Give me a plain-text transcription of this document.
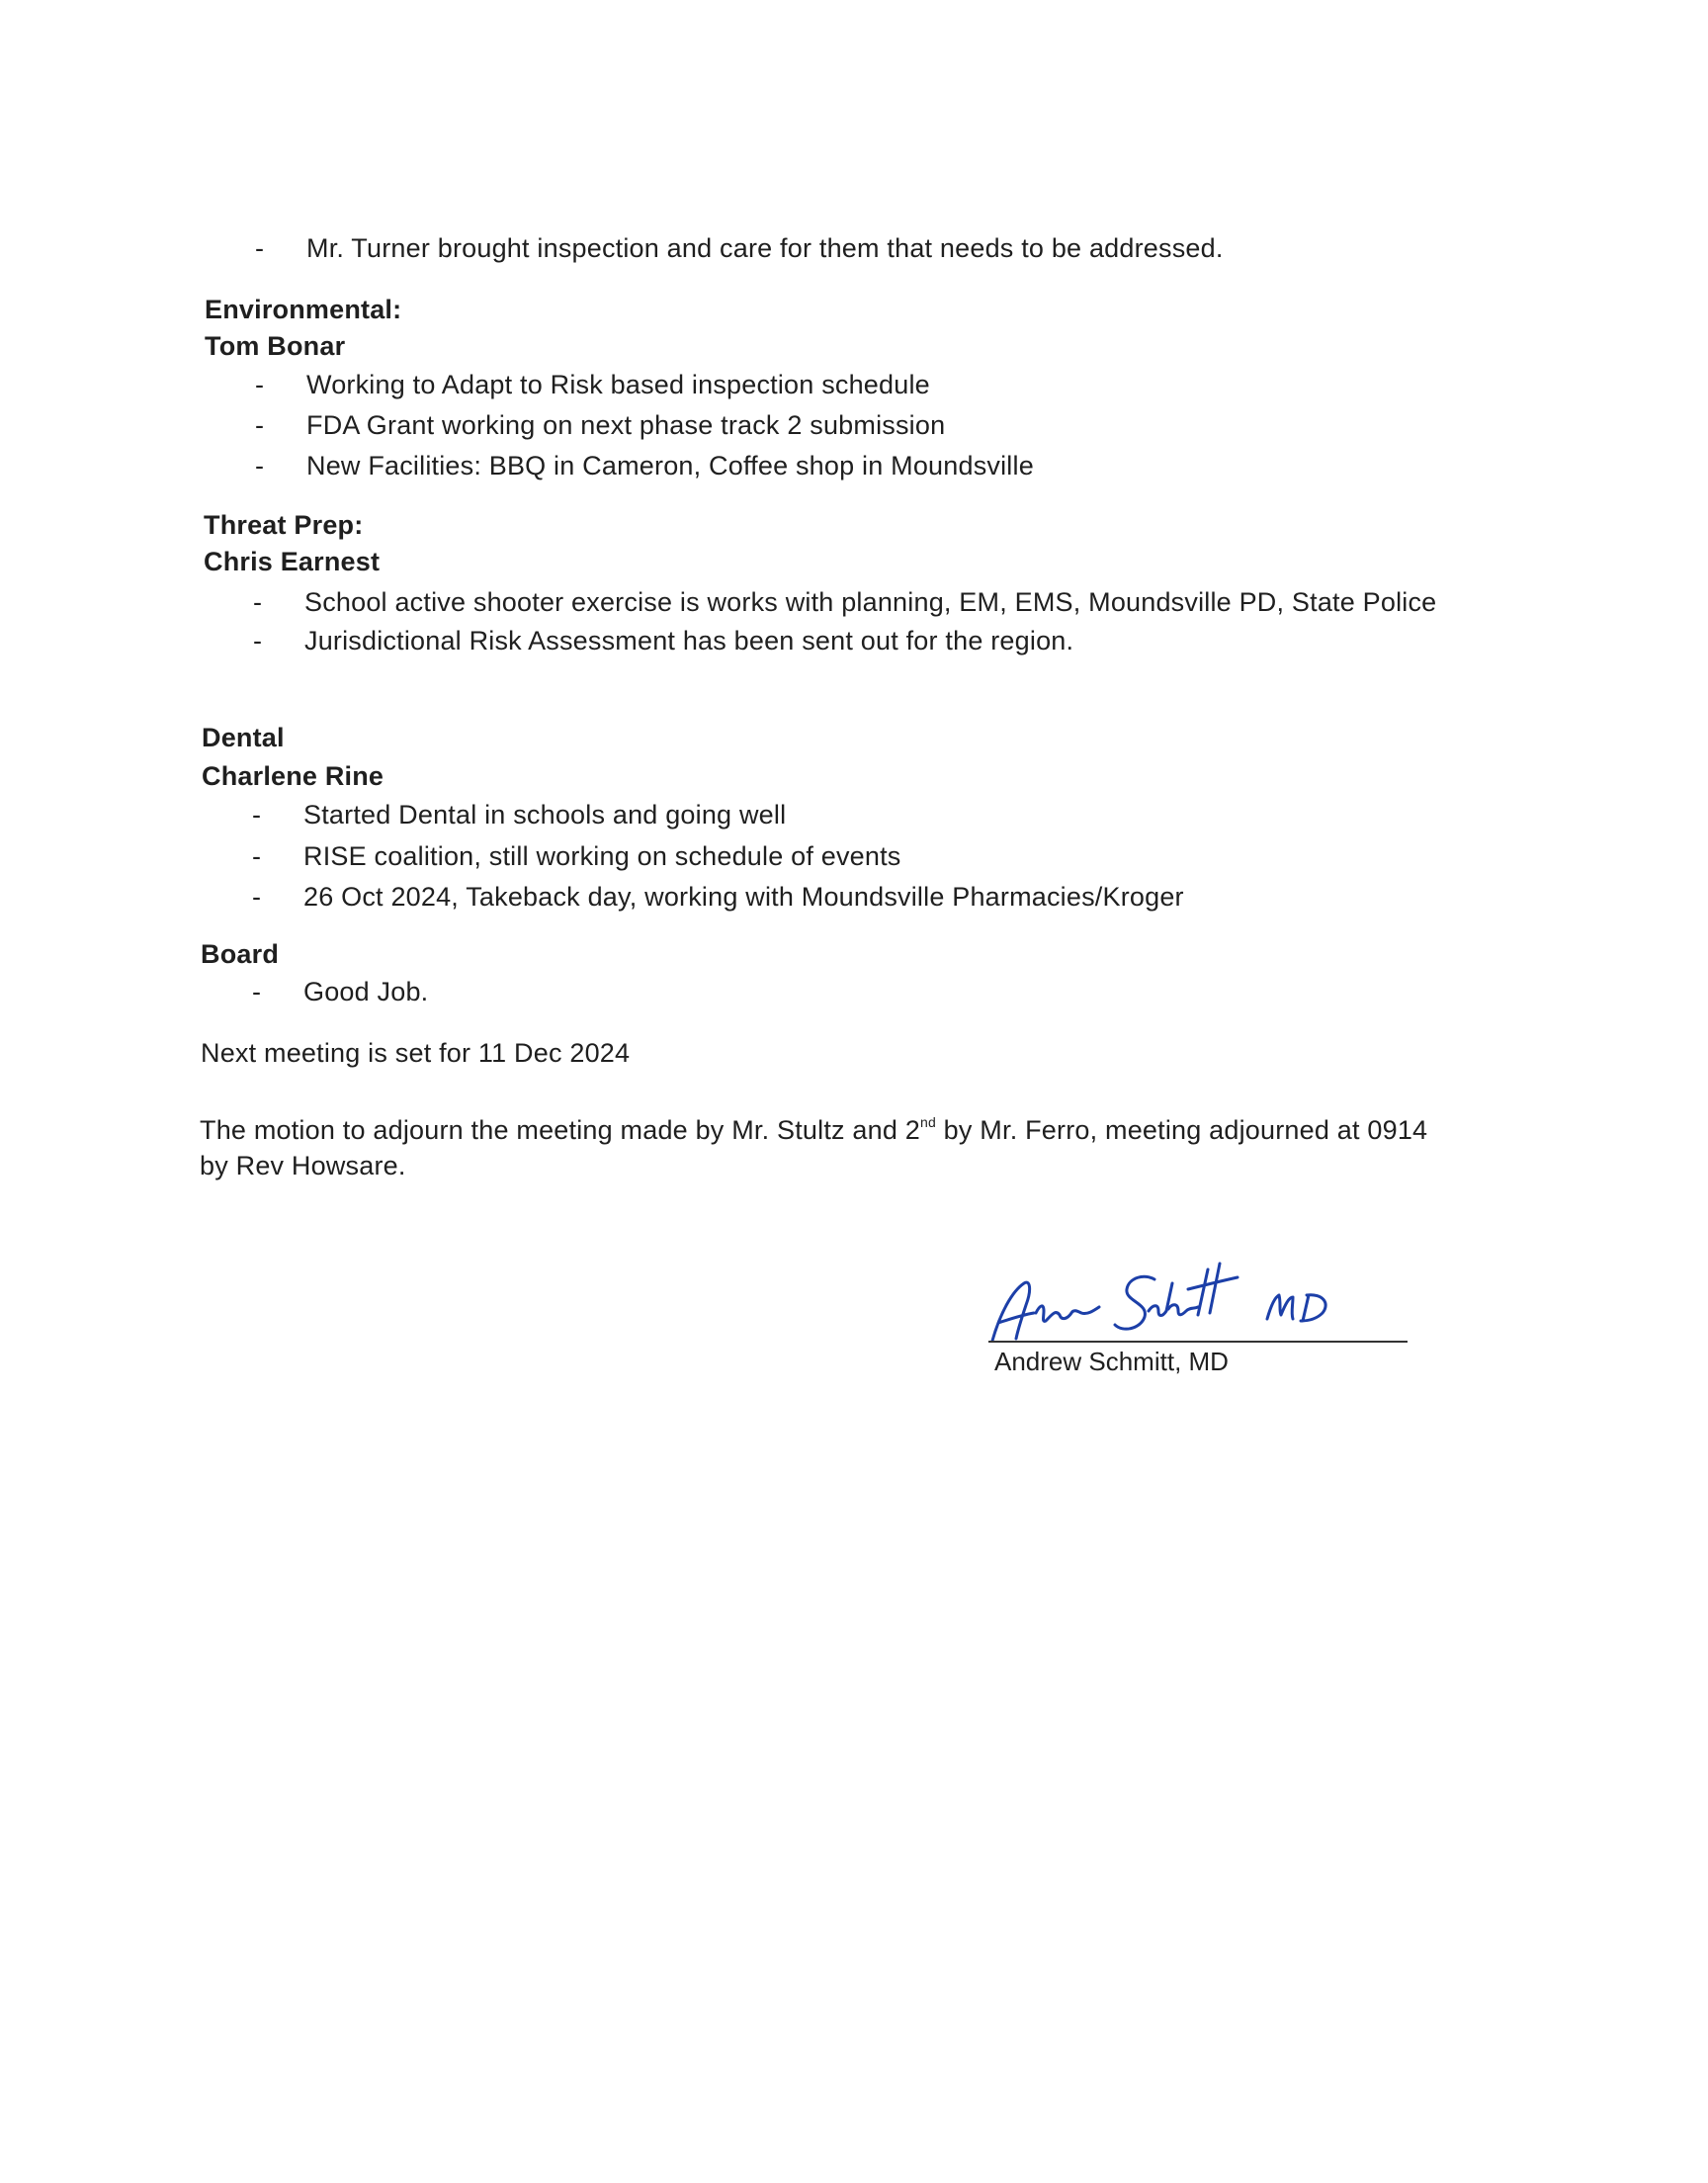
- Mr. Turner brought inspection and care for them that needs to be addressed.
Environmental:
Tom Bonar
- Working to Adapt to Risk based inspection schedule
- FDA Grant working on next phase track 2 submission
- New Facilities: BBQ in Cameron, Coffee shop in Moundsville
Threat Prep:
Chris Earnest
- School active shooter exercise is works with planning, EM, EMS, Moundsville PD, State Police
- Jurisdictional Risk Assessment has been sent out for the region.
Dental
Charlene Rine
- Started Dental in schools and going well
- RISE coalition, still working on schedule of events
- 26 Oct 2024, Takeback day, working with Moundsville Pharmacies/Kroger
Board
- Good Job.
Next meeting is set for 11 Dec 2024
The motion to adjourn the meeting made by Mr. Stultz and 2nd by Mr. Ferro, meeting adjourned at 0914
by Rev Howsare.
Andrew Schmitt, MD
